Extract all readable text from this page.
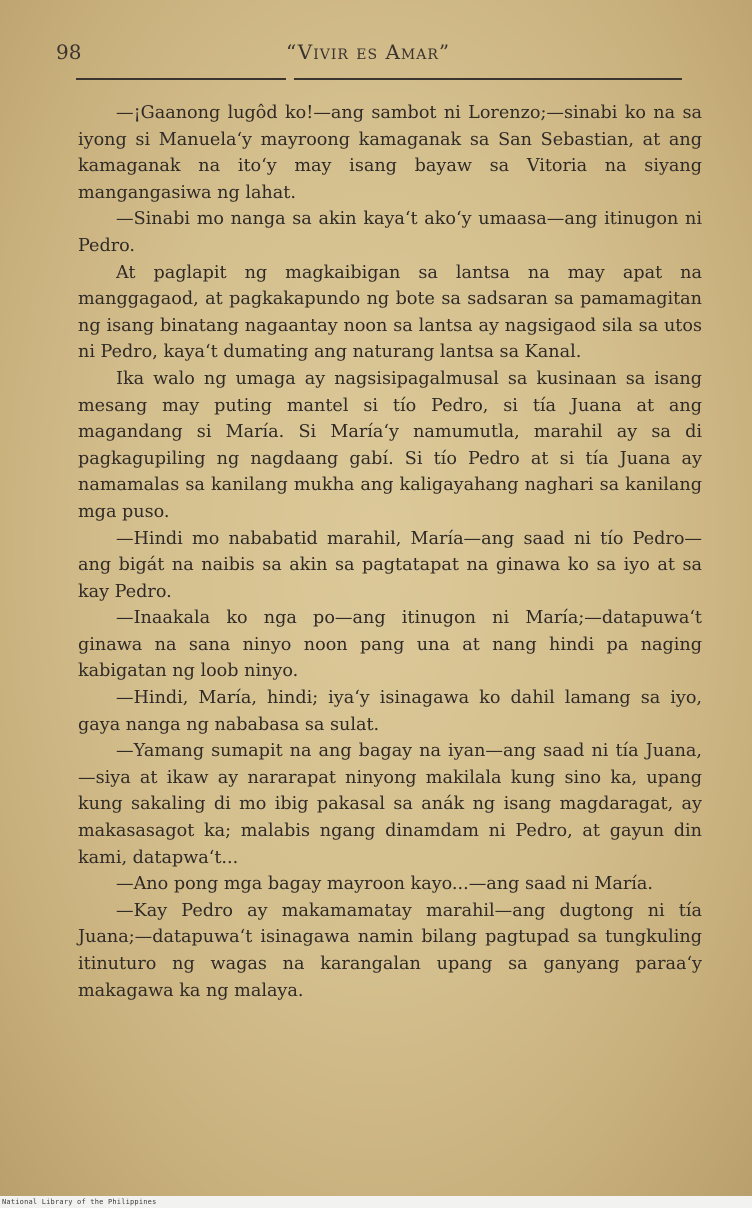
98	“Vivir es Amar”

—¡Gaanong lugôd ko!—ang sambot ni Lorenzo;—sinabi ko na sa iyong si Manuela‘y mayroong kamaganak sa San Sebastian, at ang kamaganak na ito‘y may isang bayaw sa Vitoria na siyang mangangasiwa ng lahat.

—Sinabi mo nanga sa akin kaya‘t ako‘y umaasa—ang itinugon ni Pedro.

At paglapit ng magkaibigan sa lantsa na may apat na manggagaod, at pagkakapundo ng bote sa sadsaran sa pamamagitan ng isang binatang nagaantay noon sa lantsa ay nagsigaod sila sa utos ni Pedro, kaya‘t dumating ang naturang lantsa sa Kanal.

Ika walo ng umaga ay nagsisipagalmusal sa kusinaan sa isang mesang may puting mantel si tío Pedro, si tía Juana at ang magandang si María. Si María‘y namumutla, marahil ay sa di pagkagupiling ng nagdaang gabí. Si tío Pedro at si tía Juana ay namamalas sa kanilang mukha ang kaligayahang naghari sa kanilang mga puso.

—Hindi mo nababatid marahil, María—ang saad ni tío Pedro—ang bigát na naibis sa akin sa pagtatapat na ginawa ko sa iyo at sa kay Pedro.

—Inaakala ko nga po—ang itinugon ni María;—datapuwa‘t ginawa na sana ninyo noon pang una at nang hindi pa naging kabigatan ng loob ninyo.

—Hindi, María, hindi; iya‘y isinagawa ko dahil lamang sa iyo, gaya nanga ng nababasa sa sulat.

—Yamang sumapit na ang bagay na iyan—ang saad ni tía Juana,—siya at ikaw ay nararapat ninyong makilala kung sino ka, upang kung sakaling di mo ibig pakasal sa anák ng isang magdaragat, ay makasasagot ka; malabis ngang dinamdam ni Pedro, at gayun din kami, datapwa‘t...

—Ano pong mga bagay mayroon kayo...—ang saad ni María.

—Kay Pedro ay makamamatay marahil—ang dugtong ni tía Juana;—datapuwa‘t isinagawa namin bilang pagtupad sa tungkuling itinuturo ng wagas na karangalan upang sa ganyang paraa‘y makagawa ka ng malaya.

National Library of the Philippines
